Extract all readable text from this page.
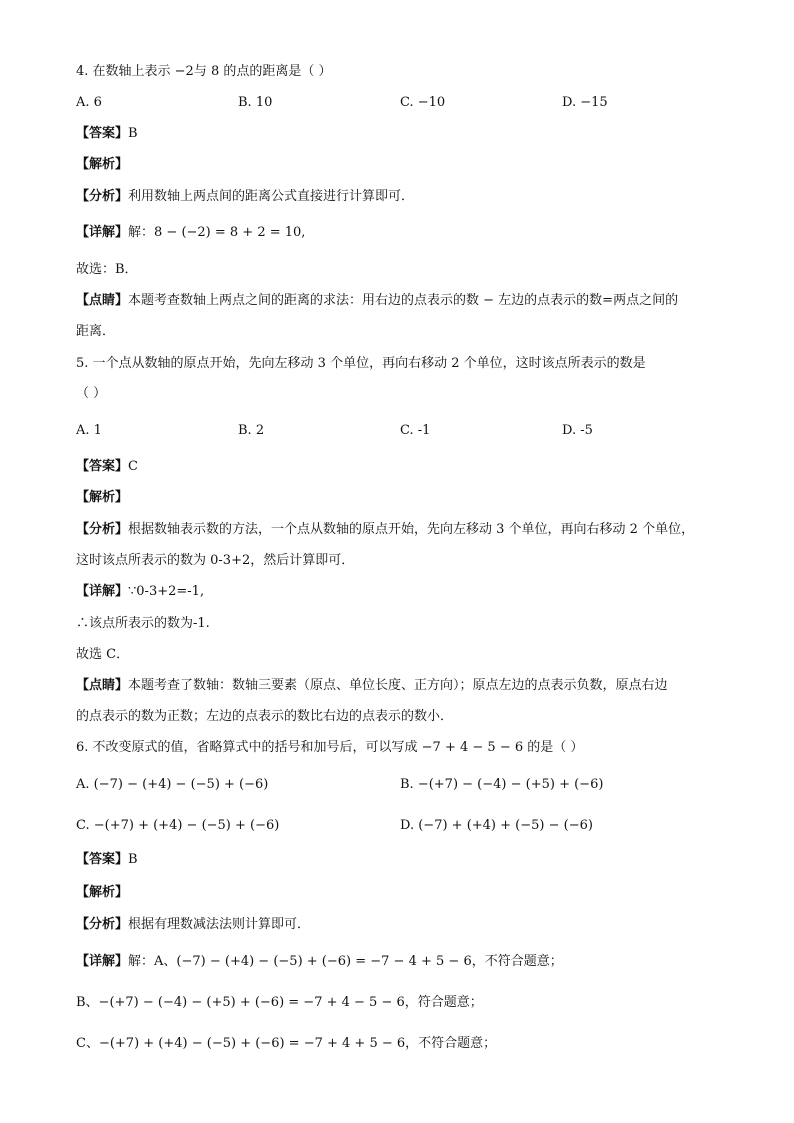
4. 在数轴上表示 −2与 8 的点的距离是（ ）
A. 6	B. 10	C. −10	D. −15
【答案】B
【解析】
【分析】利用数轴上两点间的距离公式直接进行计算即可．
【详解】解：8 − (−2) = 8 + 2 = 10,
故选：B．
【点睛】本题考查数轴上两点之间的距离的求法：用右边的点表示的数 − 左边的点表示的数=两点之间的
距离．
5. 一个点从数轴的原点开始，先向左移动 3 个单位，再向右移动 2 个单位，这时该点所表示的数是
（ ）
A. 1	B. 2	C. -1	D. -5
【答案】C
【解析】
【分析】根据数轴表示数的方法，一个点从数轴的原点开始，先向左移动 3 个单位，再向右移动 2 个单位，
这时该点所表示的数为 0-3+2，然后计算即可．
【详解】∵0-3+2=-1,
∴该点所表示的数为-1.
故选 C．
【点睛】本题考查了数轴：数轴三要素（原点、单位长度、正方向）；原点左边的点表示负数，原点右边
的点表示的数为正数；左边的点表示的数比右边的点表示的数小．
6. 不改变原式的值，省略算式中的括号和加号后，可以写成 −7 + 4 − 5 − 6 的是（ ）
A. (−7) − (+4) − (−5) + (−6)	B. −(+7) − (−4) − (+5) + (−6)
C. −(+7) + (+4) − (−5) + (−6)	D. (−7) + (+4) + (−5) − (−6)
【答案】B
【解析】
【分析】根据有理数减法法则计算即可．
【详解】解：A、(−7) − (+4) − (−5) + (−6) = −7 − 4 + 5 − 6，不符合题意；
B、−(+7) − (−4) − (+5) + (−6) = −7 + 4 − 5 − 6，符合题意；
C、−(+7) + (+4) − (−5) + (−6) = −7 + 4 + 5 − 6，不符合题意；
